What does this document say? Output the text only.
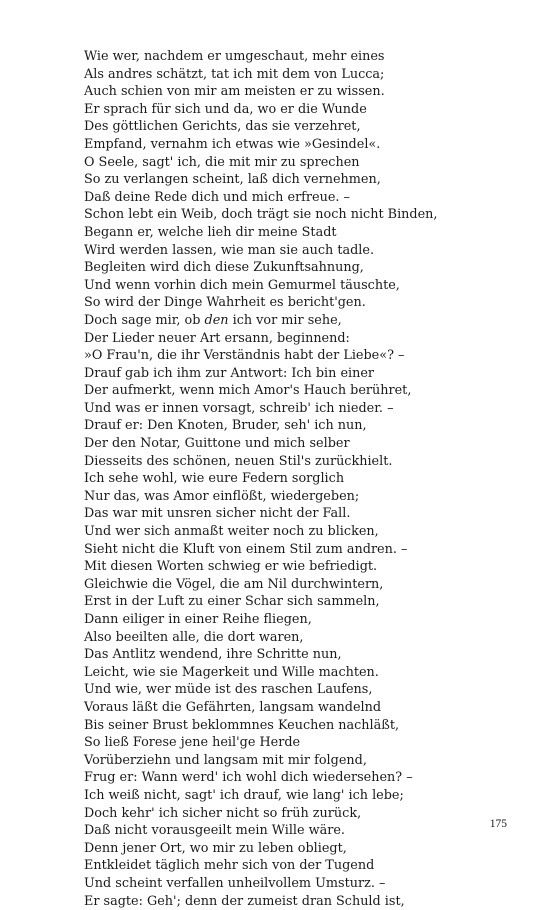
Wie wer, nachdem er umgeschaut, mehr eines
Als andres schätzt, tat ich mit dem von Lucca;
Auch schien von mir am meisten er zu wissen.
Er sprach für sich und da, wo er die Wunde
Des göttlichen Gerichts, das sie verzehret,
Empfand, vernahm ich etwas wie »Gesindel«.
O Seele, sagt' ich, die mit mir zu sprechen
So zu verlangen scheint, laß dich vernehmen,
Daß deine Rede dich und mich erfreue. –
Schon lebt ein Weib, doch trägt sie noch nicht Binden,
Begann er, welche lieh dir meine Stadt
Wird werden lassen, wie man sie auch tadle.
Begleiten wird dich diese Zukunftsahnung,
Und wenn vorhin dich mein Gemurmel täuschte,
So wird der Dinge Wahrheit es bericht'gen.
Doch sage mir, ob den ich vor mir sehe,
Der Lieder neuer Art ersann, beginnend:
»O Frau'n, die ihr Verständnis habt der Liebe«? –
Drauf gab ich ihm zur Antwort: Ich bin einer
Der aufmerkt, wenn mich Amor's Hauch berühret,
Und was er innen vorsagt, schreib' ich nieder. –
Drauf er: Den Knoten, Bruder, seh' ich nun,
Der den Notar, Guittone und mich selber
Diesseits des schönen, neuen Stil's zurückhielt.
Ich sehe wohl, wie eure Federn sorglich
Nur das, was Amor einflößt, wiedergeben;
Das war mit unsren sicher nicht der Fall.
Und wer sich anmaßt weiter noch zu blicken,
Sieht nicht die Kluft von einem Stil zum andren. –
Mit diesen Worten schwieg er wie befriedigt.
Gleichwie die Vögel, die am Nil durchwintern,
Erst in der Luft zu einer Schar sich sammeln,
Dann eiliger in einer Reihe fliegen,
Also beeilten alle, die dort waren,
Das Antlitz wendend, ihre Schritte nun,
Leicht, wie sie Magerkeit und Wille machten.
Und wie, wer müde ist des raschen Laufens,
Voraus läßt die Gefährten, langsam wandelnd
Bis seiner Brust beklommnes Keuchen nachläßt,
So ließ Forese jene heil'ge Herde
Vorüberziehn und langsam mit mir folgend,
Frug er: Wann werd' ich wohl dich wiedersehen? –
Ich weiß nicht, sagt' ich drauf, wie lang' ich lebe;
Doch kehr' ich sicher nicht so früh zurück,
Daß nicht vorausgeeilt mein Wille wäre.
Denn jener Ort, wo mir zu leben obliegt,
Entkleidet täglich mehr sich von der Tugend
Und scheint verfallen unheilvollem Umsturz. –
Er sagte: Geh'; denn der zumeist dran Schuld ist,
175
